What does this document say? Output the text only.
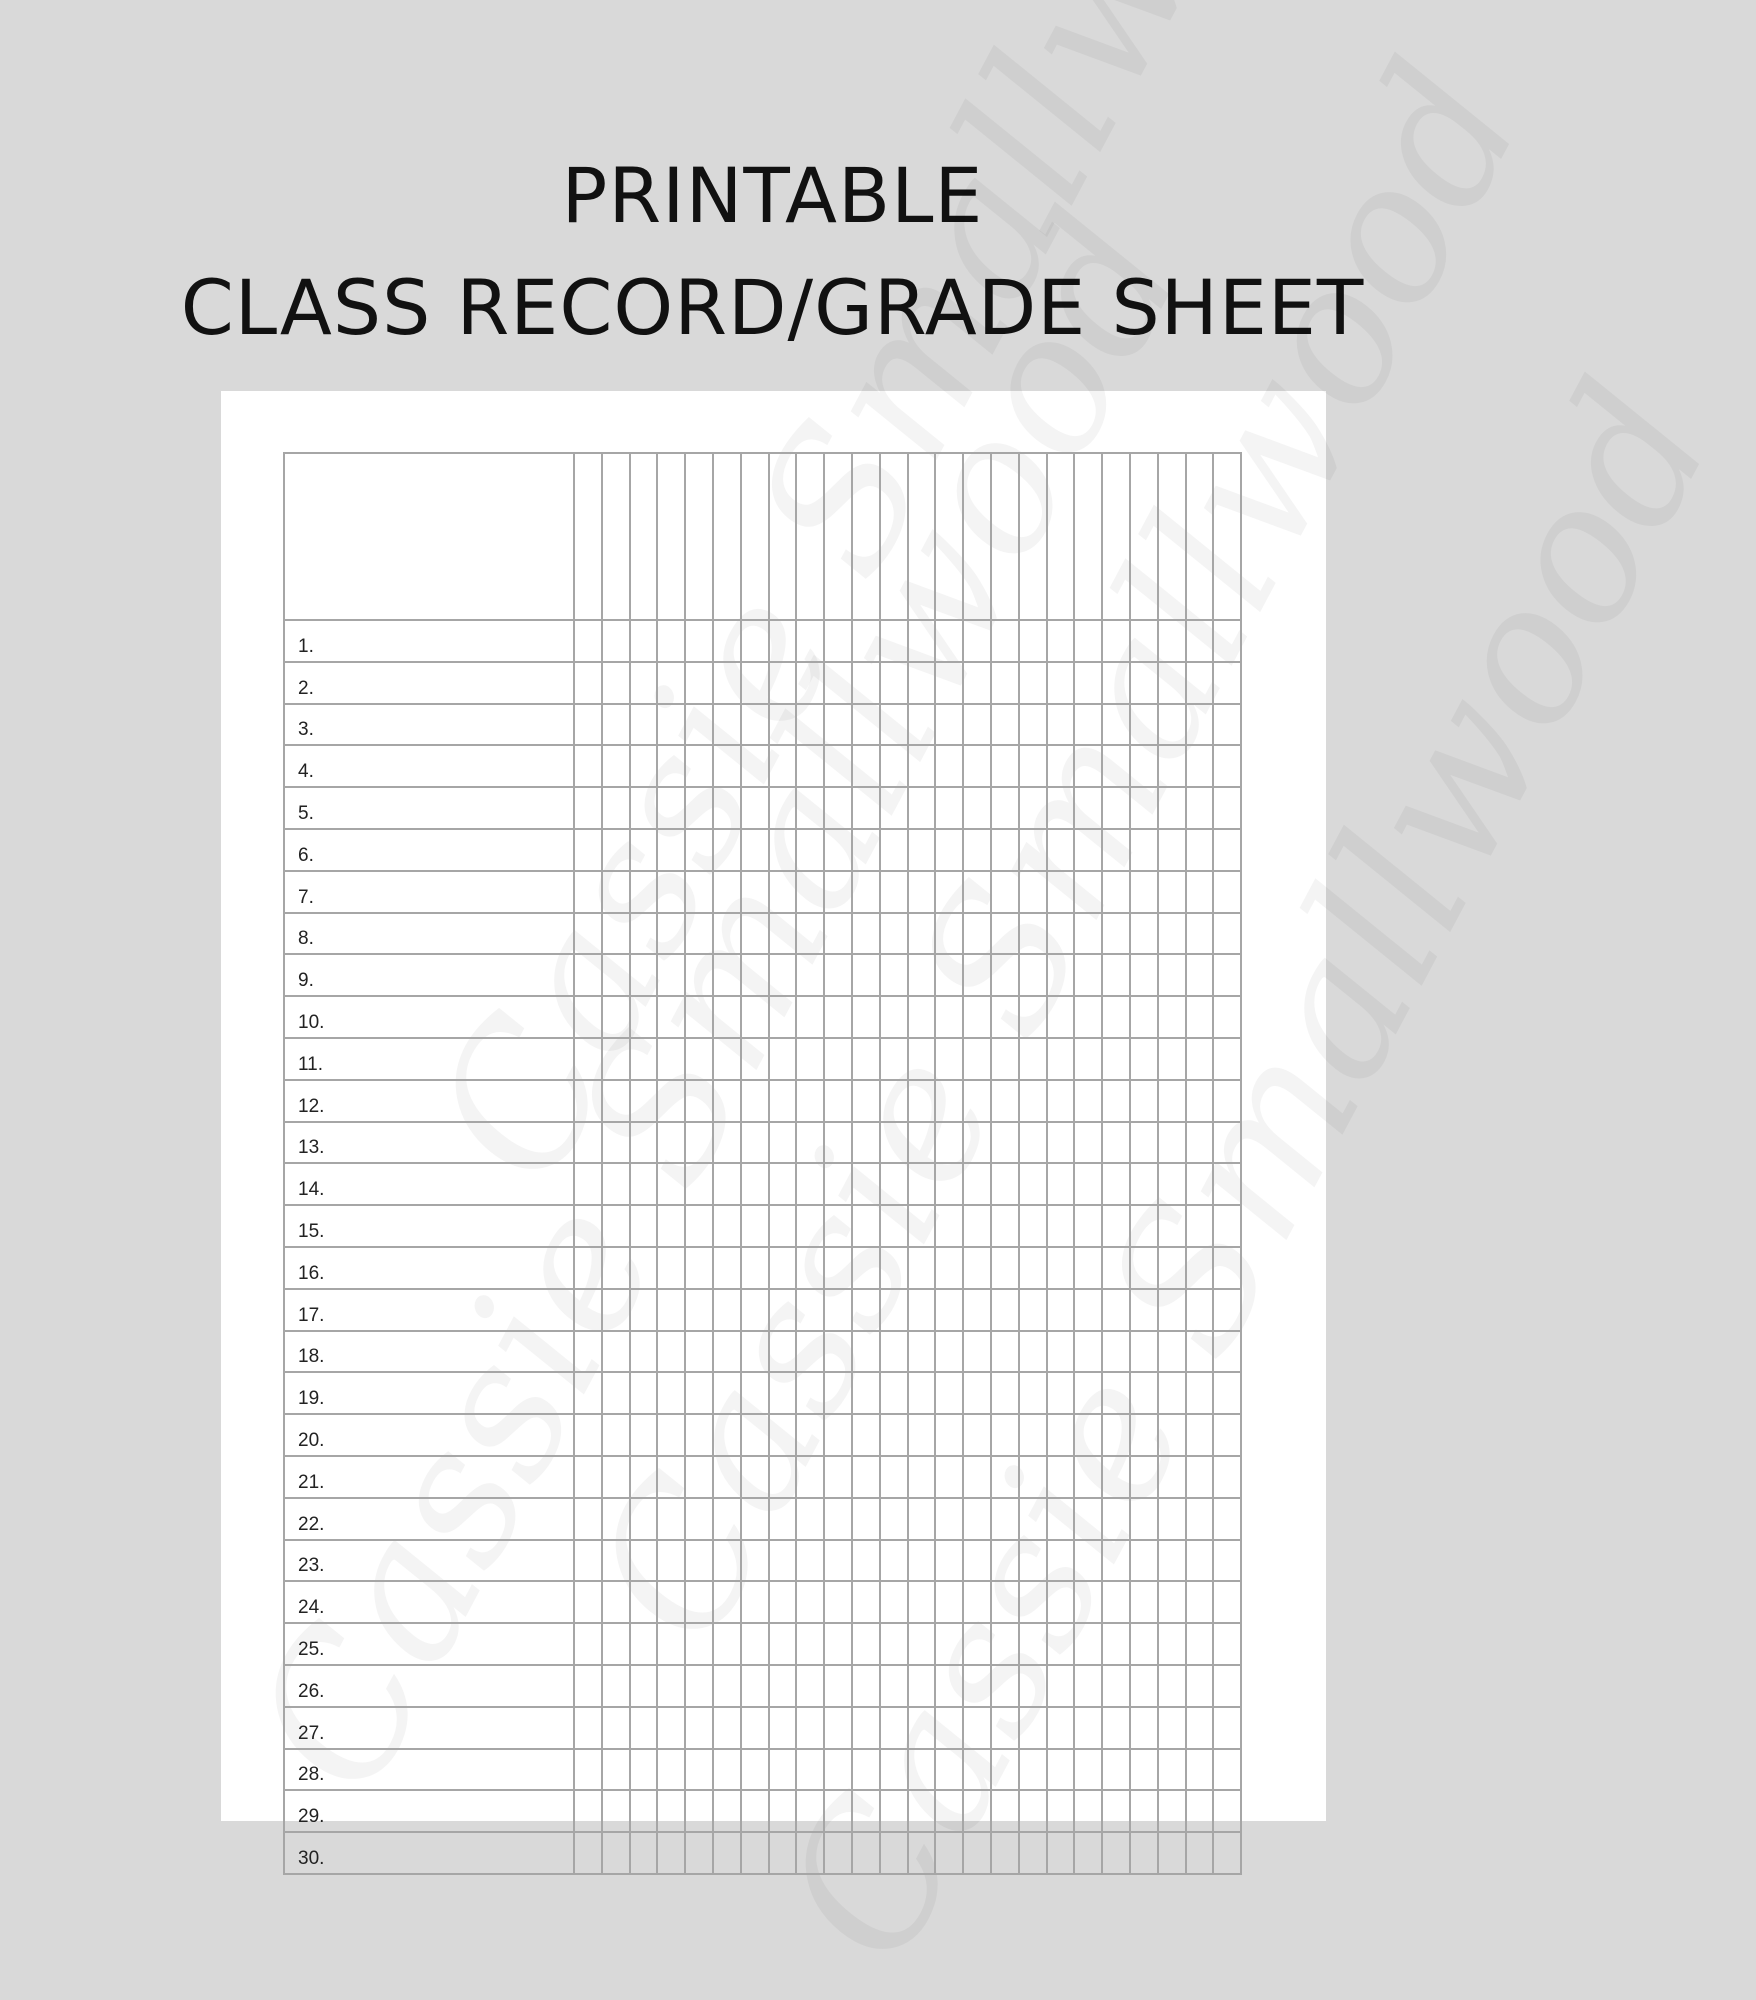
PRINTABLE
CLASS RECORD/GRADE SHEET

1.																								
2.																								
3.																								
4.																								
5.																								
6.																								
7.																								
8.																								
9.																								
10.																								
11.																								
12.																								
13.																								
14.																								
15.																								
16.																								
17.																								
18.																								
19.																								
20.																								
21.																								
22.																								
23.																								
24.																								
25.																								
26.																								
27.																								
28.																								
29.																								
30.																								
